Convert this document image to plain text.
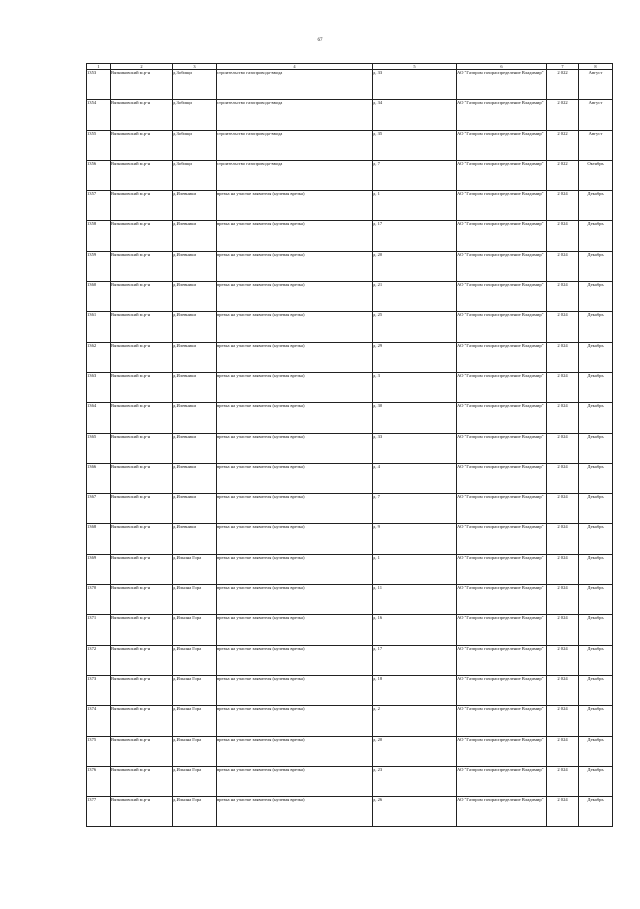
67
1	2	3	4	5	6	7	8
1353	Вязниковский м.р-н	д.Зобищи	строительство газопровода-ввода	д. 33	АО "Газпром газораспределение Владимир"	2 022	Август
1354	Вязниковский м.р-н	д.Зобищи	строительство газопровода-ввода	д. 34	АО "Газпром газораспределение Владимир"	2 022	Август
1355	Вязниковский м.р-н	д.Зобищи	строительство газопровода-ввода	д. 35	АО "Газпром газораспределение Владимир"	2 022	Август
1356	Вязниковский м.р-н	д.Зобищи	строительство газопровода-ввода	д. 7	АО "Газпром газораспределение Владимир"	2 022	Октябрь
1357	Вязниковский м.р-н	д.Илевники	врезка на участке заявителя (нулевая врезка)	д. 1	АО "Газпром газораспределение Владимир"	2 024	Декабрь
1358	Вязниковский м.р-н	д.Илевники	врезка на участке заявителя (нулевая врезка)	д. 17	АО "Газпром газораспределение Владимир"	2 024	Декабрь
1359	Вязниковский м.р-н	д.Илевники	врезка на участке заявителя (нулевая врезка)	д. 20	АО "Газпром газораспределение Владимир"	2 024	Декабрь
1360	Вязниковский м.р-н	д.Илевники	врезка на участке заявителя (нулевая врезка)	д. 21	АО "Газпром газораспределение Владимир"	2 024	Декабрь
1361	Вязниковский м.р-н	д.Илевники	врезка на участке заявителя (нулевая врезка)	д. 25	АО "Газпром газораспределение Владимир"	2 024	Декабрь
1362	Вязниковский м.р-н	д.Илевники	врезка на участке заявителя (нулевая врезка)	д. 29	АО "Газпром газораспределение Владимир"	2 024	Декабрь
1363	Вязниковский м.р-н	д.Илевники	врезка на участке заявителя (нулевая врезка)	д. 3	АО "Газпром газораспределение Владимир"	2 024	Декабрь
1364	Вязниковский м.р-н	д.Илевники	врезка на участке заявителя (нулевая врезка)	д. 30	АО "Газпром газораспределение Владимир"	2 024	Декабрь
1365	Вязниковский м.р-н	д.Илевники	врезка на участке заявителя (нулевая врезка)	д. 33	АО "Газпром газораспределение Владимир"	2 024	Декабрь
1366	Вязниковский м.р-н	д.Илевники	врезка на участке заявителя (нулевая врезка)	д. 4	АО "Газпром газораспределение Владимир"	2 024	Декабрь
1367	Вязниковский м.р-н	д.Илевники	врезка на участке заявителя (нулевая врезка)	д. 7	АО "Газпром газораспределение Владимир"	2 024	Декабрь
1368	Вязниковский м.р-н	д.Илевники	врезка на участке заявителя (нулевая врезка)	д. 9	АО "Газпром газораспределение Владимир"	2 024	Декабрь
1369	Вязниковский м.р-н	д.Ильина Гора	врезка на участке заявителя (нулевая врезка)	д. 1	АО "Газпром газораспределение Владимир"	2 024	Декабрь
1370	Вязниковский м.р-н	д.Ильина Гора	врезка на участке заявителя (нулевая врезка)	д. 11	АО "Газпром газораспределение Владимир"	2 024	Декабрь
1371	Вязниковский м.р-н	д.Ильина Гора	врезка на участке заявителя (нулевая врезка)	д. 16	АО "Газпром газораспределение Владимир"	2 024	Декабрь
1372	Вязниковский м.р-н	д.Ильина Гора	врезка на участке заявителя (нулевая врезка)	д. 17	АО "Газпром газораспределение Владимир"	2 024	Декабрь
1373	Вязниковский м.р-н	д.Ильина Гора	врезка на участке заявителя (нулевая врезка)	д. 18	АО "Газпром газораспределение Владимир"	2 024	Декабрь
1374	Вязниковский м.р-н	д.Ильина Гора	врезка на участке заявителя (нулевая врезка)	д. 2	АО "Газпром газораспределение Владимир"	2 024	Декабрь
1375	Вязниковский м.р-н	д.Ильина Гора	врезка на участке заявителя (нулевая врезка)	д. 20	АО "Газпром газораспределение Владимир"	2 024	Декабрь
1376	Вязниковский м.р-н	д.Ильина Гора	врезка на участке заявителя (нулевая врезка)	д. 23	АО "Газпром газораспределение Владимир"	2 024	Декабрь
1377	Вязниковский м.р-н	д.Ильина Гора	врезка на участке заявителя (нулевая врезка)	д. 26	АО "Газпром газораспределение Владимир"	2 024	Декабрь
